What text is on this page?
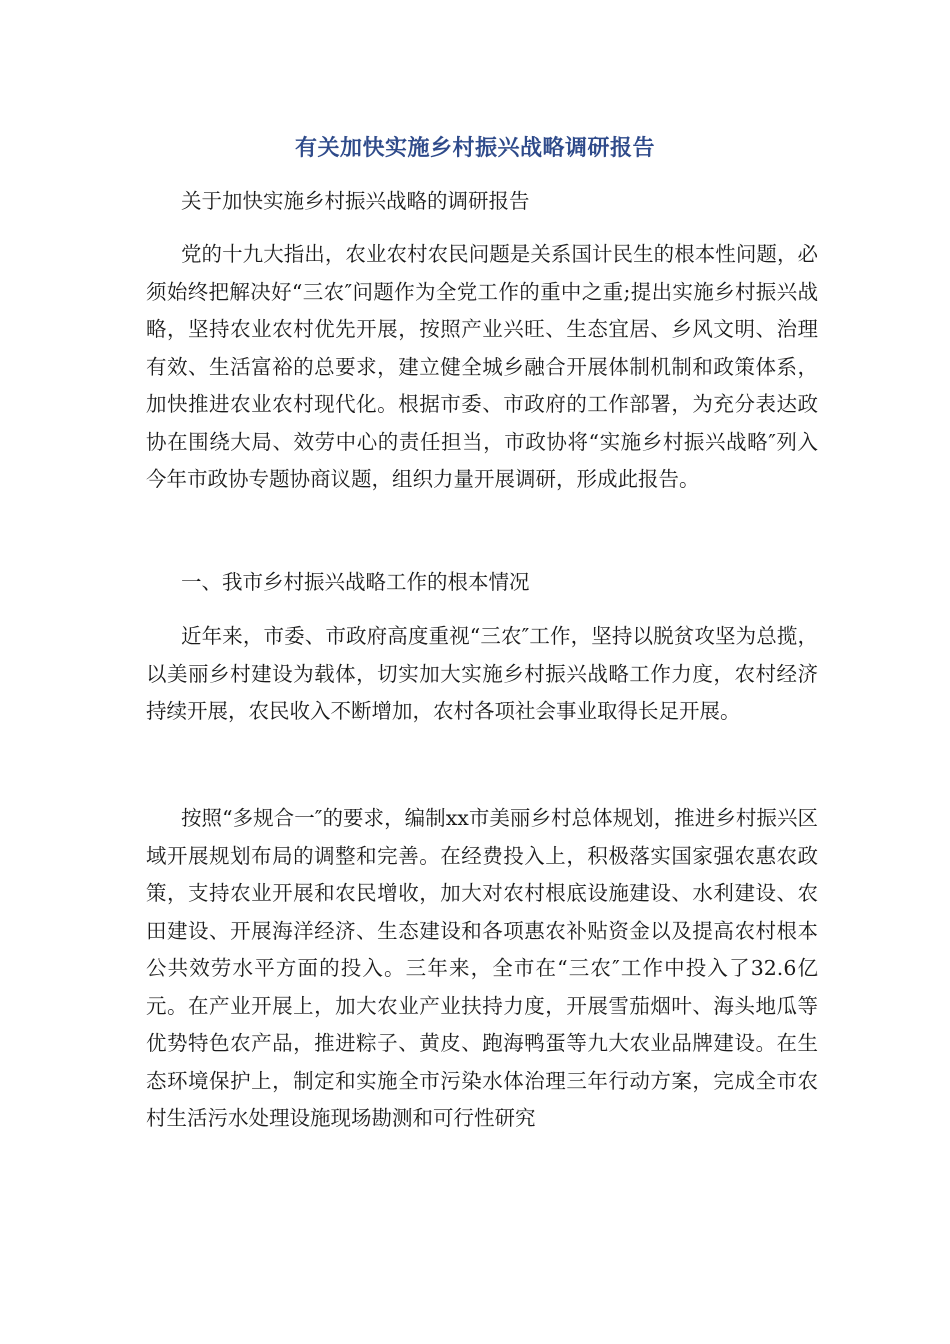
有关加快实施乡村振兴战略调研报告

关于加快实施乡村振兴战略的调研报告

党的十九大指出，农业农村农民问题是关系国计民生的根本性问题，必须始终把解决好“三农″问题作为全党工作的重中之重;提出实施乡村振兴战略，坚持农业农村优先开展，按照产业兴旺、生态宜居、乡风文明、治理有效、生活富裕的总要求，建立健全城乡融合开展体制机制和政策体系，加快推进农业农村现代化。根据市委、市政府的工作部署，为充分表达政协在围绕大局、效劳中心的责任担当，市政协将“实施乡村振兴战略″列入今年市政协专题协商议题，组织力量开展调研，形成此报告。

一、我市乡村振兴战略工作的根本情况

近年来，市委、市政府高度重视“三农″工作，坚持以脱贫攻坚为总揽，以美丽乡村建设为载体，切实加大实施乡村振兴战略工作力度，农村经济持续开展，农民收入不断增加，农村各项社会事业取得长足开展。

按照“多规合一″的要求，编制xx市美丽乡村总体规划，推进乡村振兴区域开展规划布局的调整和完善。在经费投入上，积极落实国家强农惠农政策，支持农业开展和农民增收，加大对农村根底设施建设、水利建设、农田建设、开展海洋经济、生态建设和各项惠农补贴资金以及提高农村根本公共效劳水平方面的投入。三年来，全市在“三农″工作中投入了32.6亿元。在产业开展上，加大农业产业扶持力度，开展雪茄烟叶、海头地瓜等优势特色农产品，推进粽子、黄皮、跑海鸭蛋等九大农业品牌建设。在生态环境保护上，制定和实施全市污染水体治理三年行动方案，完成全市农村生活污水处理设施现场勘测和可行性研究
